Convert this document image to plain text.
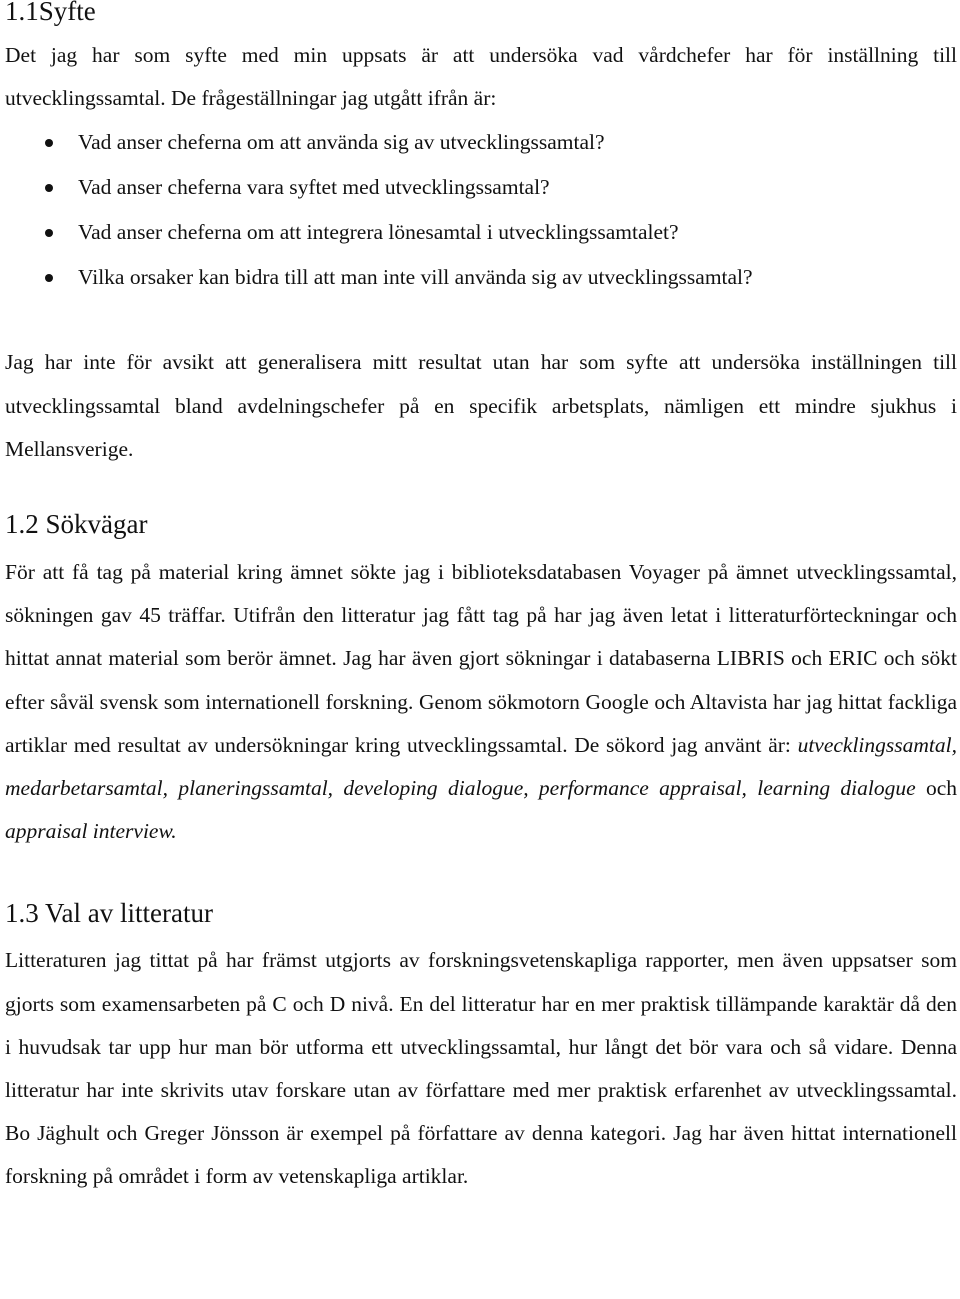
1.1Syfte

Det jag har som syfte med min uppsats är att undersöka vad vårdchefer har för inställning till utvecklingssamtal. De frågeställningar jag utgått ifrån är:

Vad anser cheferna om att använda sig av utvecklingssamtal?
Vad anser cheferna vara syftet med utvecklingssamtal?
Vad anser cheferna om att integrera lönesamtal i utvecklingssamtalet?
Vilka orsaker kan bidra till att man inte vill använda sig av utvecklingssamtal?

Jag har inte för avsikt att generalisera mitt resultat utan har som syfte att undersöka inställningen till utvecklingssamtal bland avdelningschefer på en specifik arbetsplats, nämligen ett mindre sjukhus i Mellansverige.

1.2 Sökvägar

För att få tag på material kring ämnet sökte jag i biblioteksdatabasen Voyager på ämnet utvecklingssamtal, sökningen gav 45 träffar. Utifrån den litteratur jag fått tag på har jag även letat i litteraturförteckningar och hittat annat material som berör ämnet. Jag har även gjort sökningar i databaserna LIBRIS och ERIC och sökt efter såväl svensk som internationell forskning. Genom sökmotorn Google och Altavista har jag hittat fackliga artiklar med resultat av undersökningar kring utvecklingssamtal. De sökord jag använt är: utvecklingssamtal, medarbetarsamtal, planeringssamtal, developing dialogue, performance appraisal, learning dialogue och appraisal interview.

1.3 Val av litteratur

Litteraturen jag tittat på har främst utgjorts av forskningsvetenskapliga rapporter, men även uppsatser som gjorts som examensarbeten på C och D nivå. En del litteratur har en mer praktisk tillämpande karaktär då den i huvudsak tar upp hur man bör utforma ett utvecklingssamtal, hur långt det bör vara och så vidare. Denna litteratur har inte skrivits utav forskare utan av författare med mer praktisk erfarenhet av utvecklingssamtal. Bo Jäghult och Greger Jönsson är exempel på författare av denna kategori. Jag har även hittat internationell forskning på området i form av vetenskapliga artiklar.
